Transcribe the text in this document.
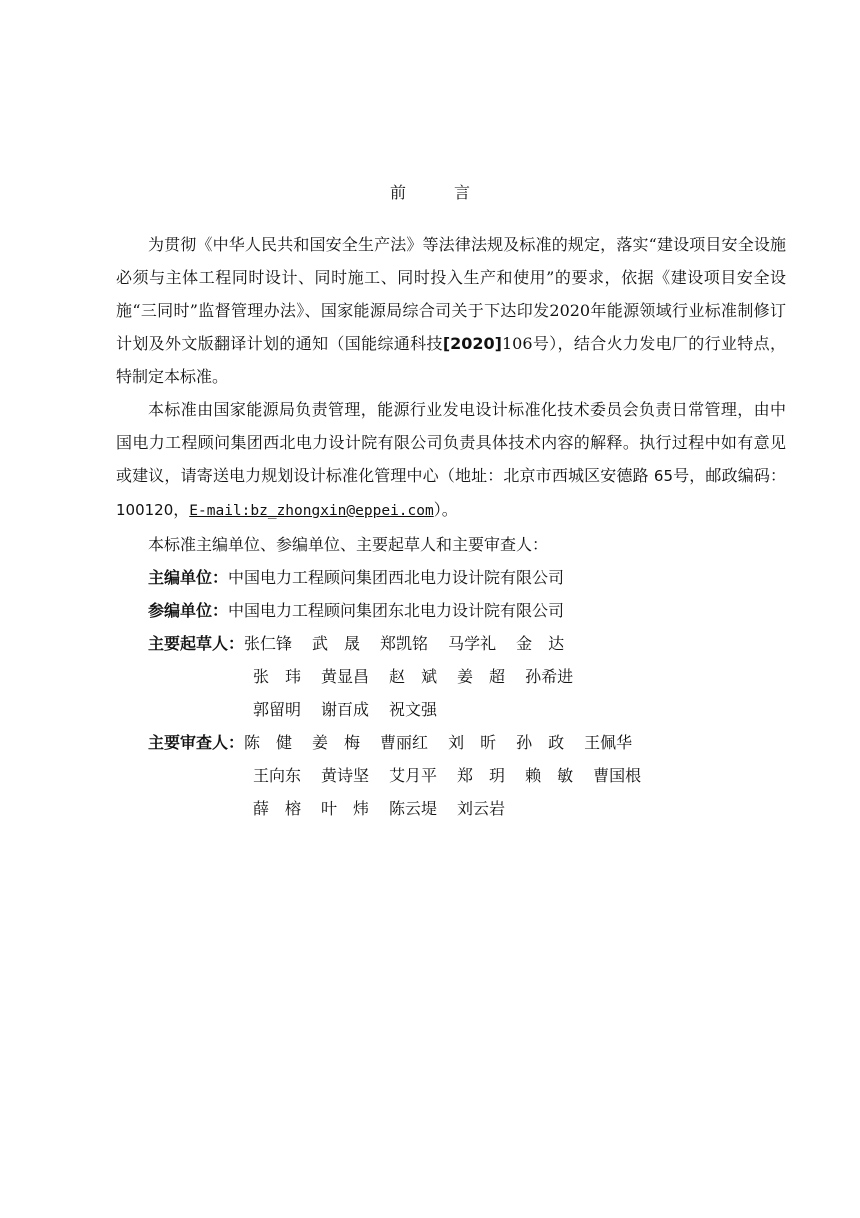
前	言

为贯彻《中华人民共和国安全生产法》等法律法规及标准的规定，落实“建设项目安全设施必须与主体工程同时设计、同时施工、同时投入生产和使用”的要求，依据《建设项目安全设施“三同时”监督管理办法》、国家能源局综合司关于下达印发2020年能源领域行业标准制修订计划及外文版翻译计划的通知（国能综通科技[2020]106号），结合火力发电厂的行业特点，特制定本标准。

本标准由国家能源局负责管理，能源行业发电设计标准化技术委员会负责日常管理，由中国电力工程顾问集团西北电力设计院有限公司负责具体技术内容的解释。执行过程中如有意见或建议，请寄送电力规划设计标准化管理中心（地址：北京市西城区安德路 65号，邮政编码：100120，E-mail:bz_zhongxin@eppei.com）。

本标准主编单位、参编单位、主要起草人和主要审查人：

主编单位：中国电力工程顾问集团西北电力设计院有限公司
参编单位：中国电力工程顾问集团东北电力设计院有限公司
主要起草人：张仁锋 武　晟 郑凯铭 马学礼 金　达
张　玮 黄显昌 赵　斌 姜　超 孙希进
郭留明 谢百成 祝文强
主要审查人：陈　健 姜　梅 曹丽红 刘　昕 孙　政 王佩华
王向东 黄诗坚 艾月平 郑　玥 赖　敏 曹国根
薛　榕 叶　炜 陈云堤 刘云岩
